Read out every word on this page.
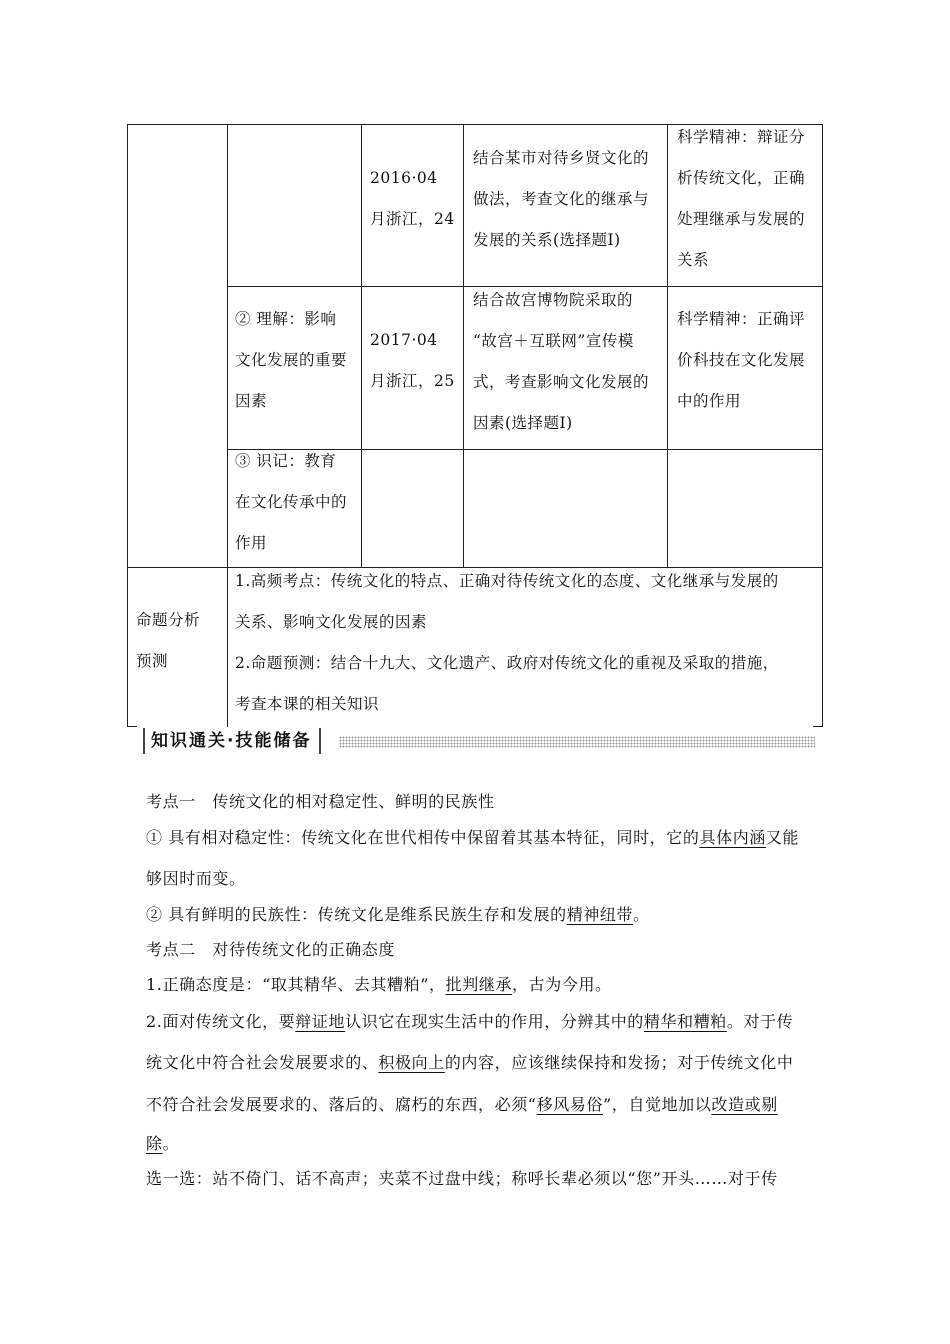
2016·04
月浙江，24
结合某市对待乡贤文化的
做法，考查文化的继承与
发展的关系(选择题Ⅰ)
科学精神：辩证分
析传统文化，正确
处理继承与发展的
关系
② 理解：影响
文化发展的重要
因素
2017·04
月浙江，25
结合故宫博物院采取的
“故宫＋互联网”宣传模
式，考查影响文化发展的
因素(选择题Ⅰ)
科学精神：正确评
价科技在文化发展
中的作用
③ 识记：教育
在文化传承中的
作用
命题分析
预测
1.高频考点：传统文化的特点、正确对待传统文化的态度、文化继承与发展的
关系、影响文化发展的因素
2.命题预测：结合十九大、文化遗产、政府对传统文化的重视及采取的措施，
考查本课的相关知识
知识通关·技能储备
考点一　传统文化的相对稳定性、鲜明的民族性
① 具有相对稳定性：传统文化在世代相传中保留着其基本特征，同时，它的具体内涵又能
够因时而变。
② 具有鲜明的民族性：传统文化是维系民族生存和发展的精神纽带。
考点二　对待传统文化的正确态度
1.正确态度是：“取其精华、去其糟粕”，批判继承，古为今用。
2.面对传统文化，要辩证地认识它在现实生活中的作用，分辨其中的精华和糟粕。对于传
统文化中符合社会发展要求的、积极向上的内容，应该继续保持和发扬；对于传统文化中
不符合社会发展要求的、落后的、腐朽的东西，必须“移风易俗”，自觉地加以改造或剔
除。
选一选：站不倚门、话不高声；夹菜不过盘中线；称呼长辈必须以“您”开头……对于传
